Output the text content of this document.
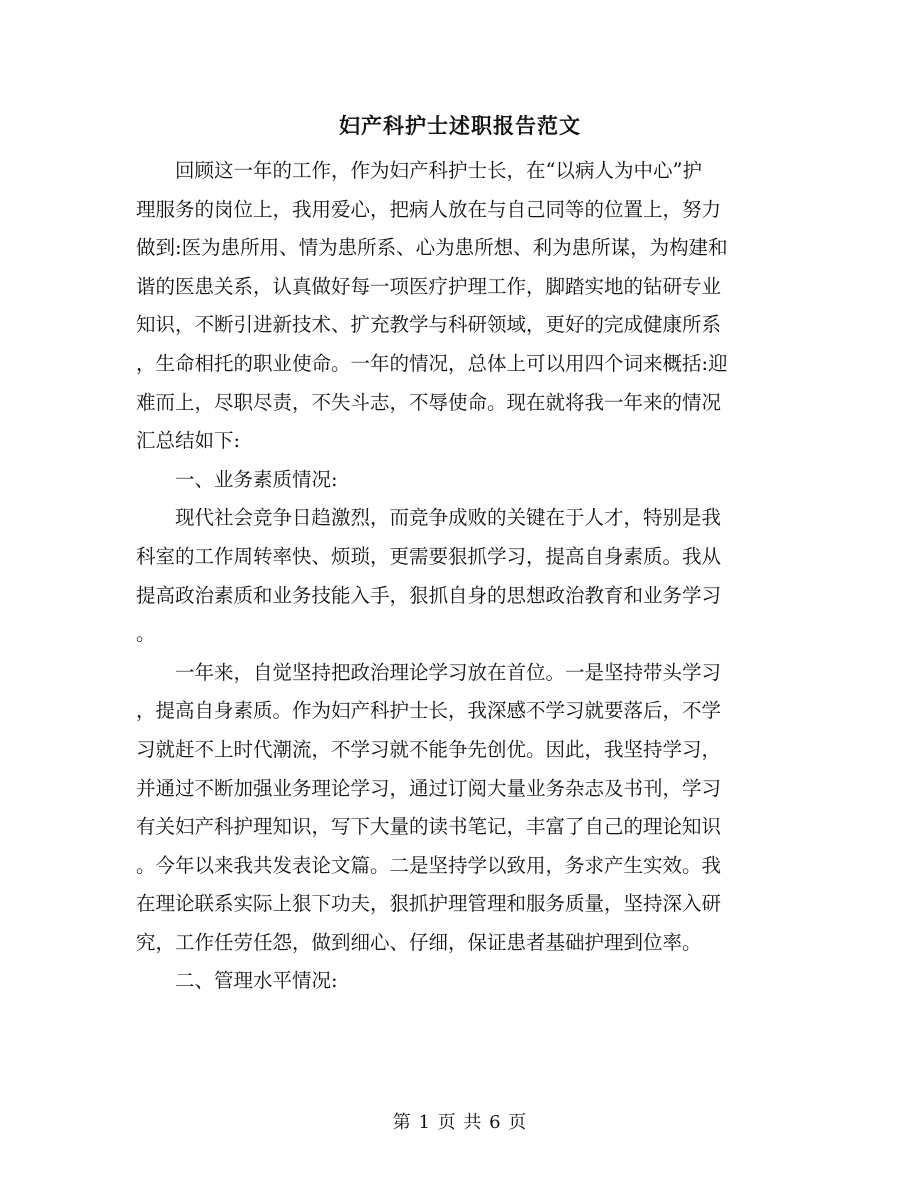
妇产科护士述职报告范文
　　回顾这一年的工作，作为妇产科护士长，在“以病人为中心”护
理服务的岗位上，我用爱心，把病人放在与自己同等的位置上，努力
做到:医为患所用、情为患所系、心为患所想、利为患所谋，为构建和
谐的医患关系，认真做好每一项医疗护理工作，脚踏实地的钻研专业
知识，不断引进新技术、扩充教学与科研领域，更好的完成健康所系
，生命相托的职业使命。一年的情况，总体上可以用四个词来概括:迎
难而上，尽职尽责，不失斗志，不辱使命。现在就将我一年来的情况
汇总结如下:
　　一、业务素质情况:
　　现代社会竞争日趋激烈，而竞争成败的关键在于人才，特别是我
科室的工作周转率快、烦琐，更需要狠抓学习，提高自身素质。我从
提高政治素质和业务技能入手，狠抓自身的思想政治教育和业务学习
。
　　一年来，自觉坚持把政治理论学习放在首位。一是坚持带头学习
，提高自身素质。作为妇产科护士长，我深感不学习就要落后，不学
习就赶不上时代潮流，不学习就不能争先创优。因此，我坚持学习，
并通过不断加强业务理论学习，通过订阅大量业务杂志及书刊，学习
有关妇产科护理知识，写下大量的读书笔记，丰富了自己的理论知识
。今年以来我共发表论文篇。二是坚持学以致用，务求产生实效。我
在理论联系实际上狠下功夫，狠抓护理管理和服务质量，坚持深入研
究，工作任劳任怨，做到细心、仔细，保证患者基础护理到位率。
　　二、管理水平情况:
第 1 页 共 6 页
